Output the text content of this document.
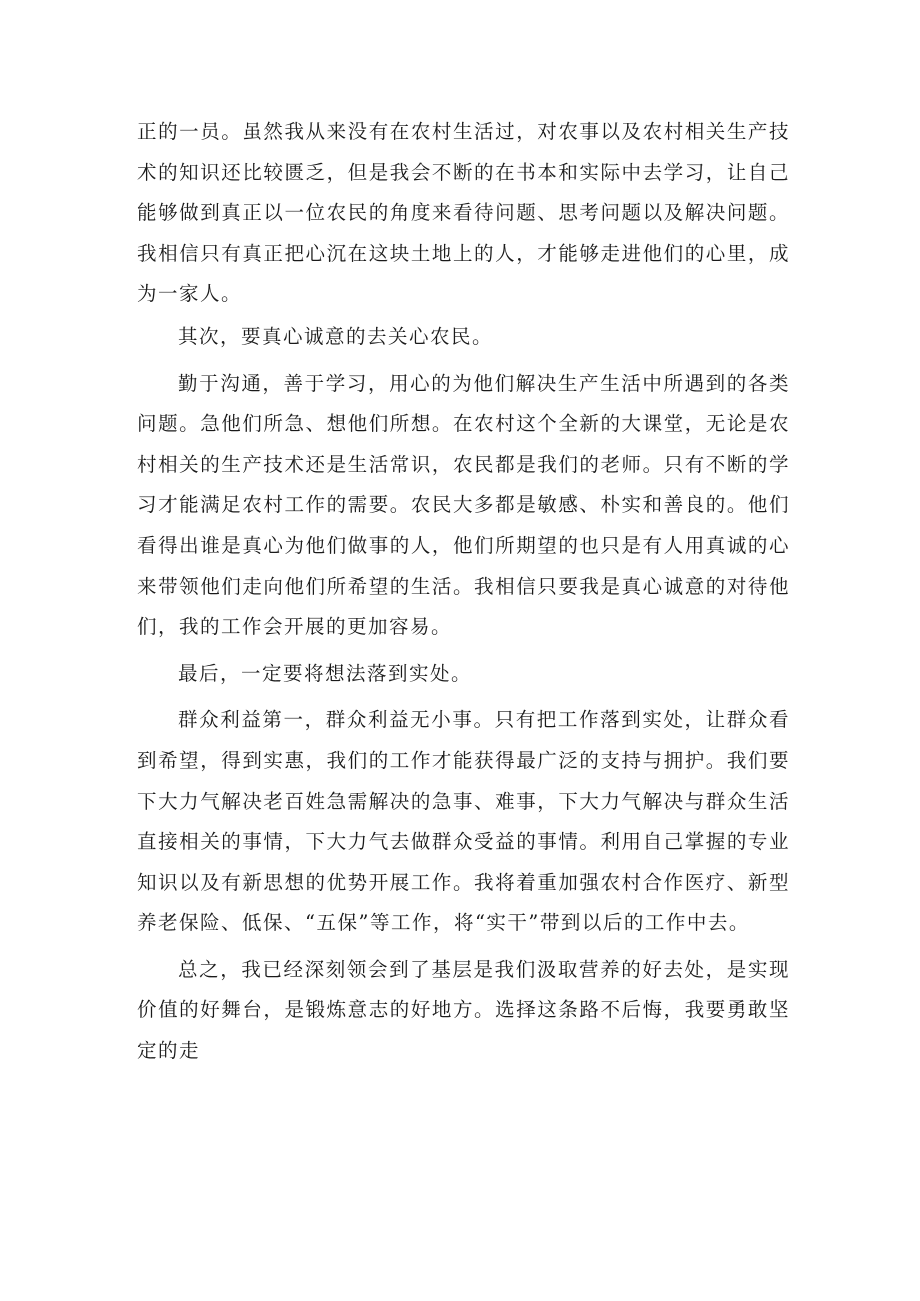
正的一员。虽然我从来没有在农村生活过，对农事以及农村相关生产技术的知识还比较匮乏，但是我会不断的在书本和实际中去学习，让自己能够做到真正以一位农民的角度来看待问题、思考问题以及解决问题。我相信只有真正把心沉在这块土地上的人，才能够走进他们的心里，成为一家人。

其次，要真心诚意的去关心农民。

勤于沟通，善于学习，用心的为他们解决生产生活中所遇到的各类问题。急他们所急、想他们所想。在农村这个全新的大课堂，无论是农村相关的生产技术还是生活常识，农民都是我们的老师。只有不断的学习才能满足农村工作的需要。农民大多都是敏感、朴实和善良的。他们看得出谁是真心为他们做事的人，他们所期望的也只是有人用真诚的心来带领他们走向他们所希望的生活。我相信只要我是真心诚意的对待他们，我的工作会开展的更加容易。

最后，一定要将想法落到实处。

群众利益第一，群众利益无小事。只有把工作落到实处，让群众看到希望，得到实惠，我们的工作才能获得最广泛的支持与拥护。我们要下大力气解决老百姓急需解决的急事、难事，下大力气解决与群众生活直接相关的事情，下大力气去做群众受益的事情。利用自己掌握的专业知识以及有新思想的优势开展工作。我将着重加强农村合作医疗、新型养老保险、低保、“五保”等工作，将“实干”带到以后的工作中去。

总之，我已经深刻领会到了基层是我们汲取营养的好去处，是实现价值的好舞台，是锻炼意志的好地方。选择这条路不后悔，我要勇敢坚定的走
